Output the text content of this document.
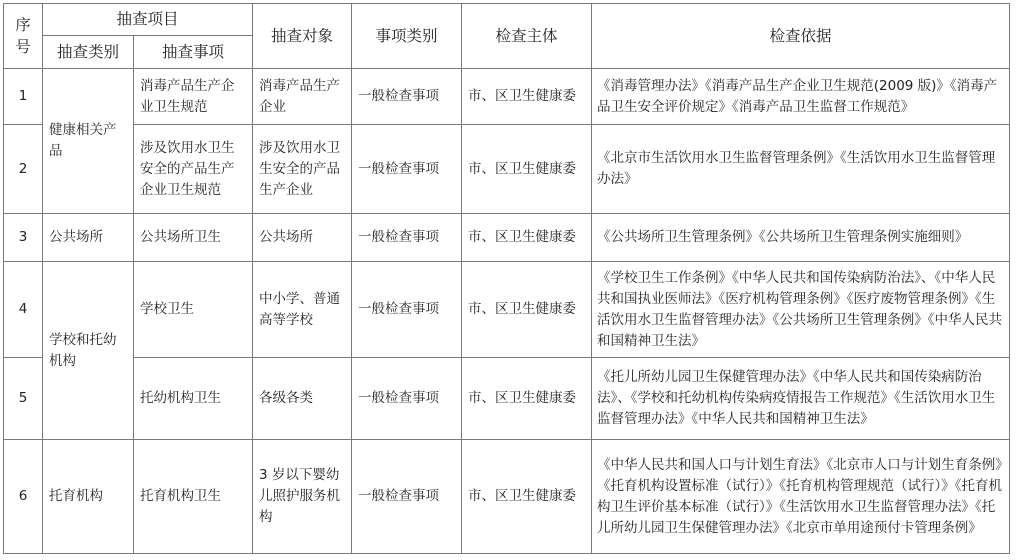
序号	抽查项目		抽查对象	事项类别	检查主体	检查依据
	抽查类别	抽查事项				
1	健康相关产品	消毒产品生产企业卫生规范	消毒产品生产企业	一般检查事项	市、区卫生健康委	《消毒管理办法》《消毒产品生产企业卫生规范(2009 版)》《消毒产品卫生安全评价规定》《消毒产品卫生监督工作规范》
2		涉及饮用水卫生安全的产品生产企业卫生规范	涉及饮用水卫生安全的产品生产企业	一般检查事项	市、区卫生健康委	《北京市生活饮用水卫生监督管理条例》《生活饮用水卫生监督管理办法》
3	公共场所	公共场所卫生	公共场所	一般检查事项	市、区卫生健康委	《公共场所卫生管理条例》《公共场所卫生管理条例实施细则》
4	学校和托幼机构	学校卫生	中小学、普通高等学校	一般检查事项	市、区卫生健康委	《学校卫生工作条例》《中华人民共和国传染病防治法》、《中华人民共和国执业医师法》《医疗机构管理条例》《医疗废物管理条例》《生活饮用水卫生监督管理办法》《公共场所卫生管理条例》《中华人民共和国精神卫生法》
5		托幼机构卫生	各级各类	一般检查事项	市、区卫生健康委	《托儿所幼儿园卫生保健管理办法》《中华人民共和国传染病防治法》、《学校和托幼机构传染病疫情报告工作规范》《生活饮用水卫生监督管理办法》《中华人民共和国精神卫生法》
6	托育机构	托育机构卫生	3 岁以下婴幼儿照护服务机构	一般检查事项	市、区卫生健康委	《中华人民共和国人口与计划生育法》《北京市人口与计划生育条例》《托育机构设置标准（试行）》《托育机构管理规范（试行）》《托育机构卫生评价基本标准（试行）》《生活饮用水卫生监督管理办法》《托儿所幼儿园卫生保健管理办法》《北京市单用途预付卡管理条例》
